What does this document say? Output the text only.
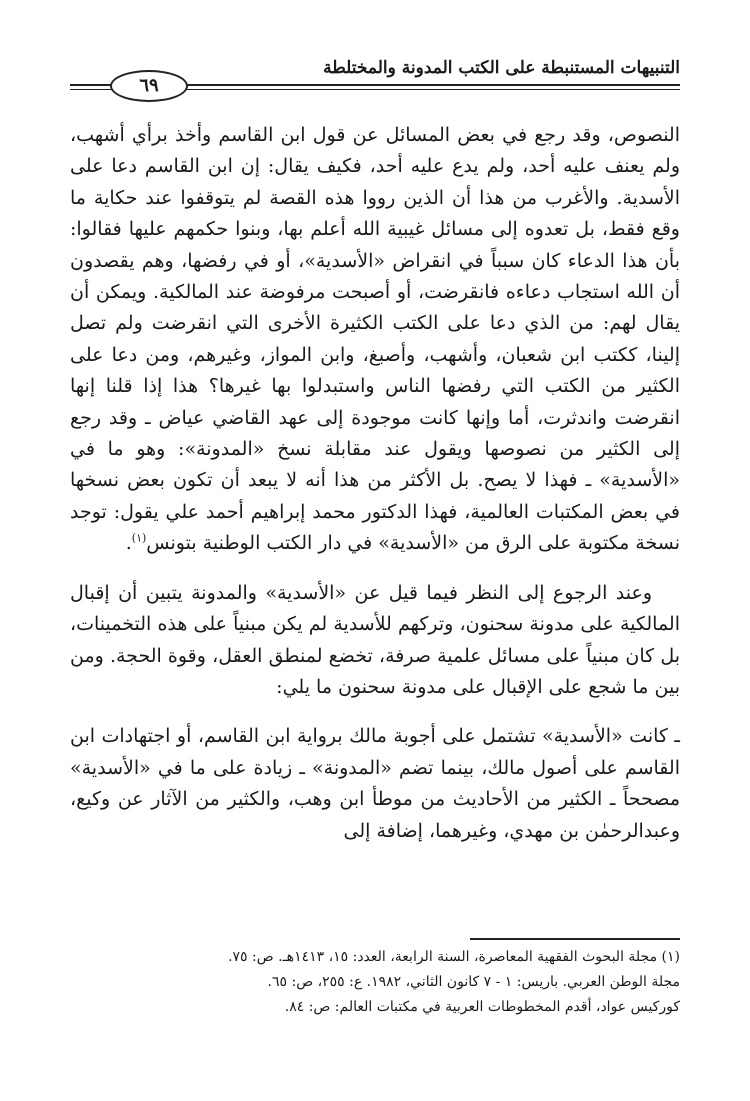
التنبيهات المستنبطة على الكتب المدونة والمختلطة
٦٩

النصوص، وقد رجع في بعض المسائل عن قول ابن القاسم وأخذ برأي أشهب، ولم يعنف عليه أحد، ولم يدع عليه أحد، فكيف يقال: إن ابن القاسم دعا على الأسدية. والأغرب من هذا أن الذين رووا هذه القصة لم يتوقفوا عند حكاية ما وقع فقط، بل تعدوه إلى مسائل غيبية الله أعلم بها، وبنوا حكمهم عليها فقالوا: بأن هذا الدعاء كان سبباً في انقراض «الأسدية»، أو في رفضها، وهم يقصدون أن الله استجاب دعاءه فانقرضت، أو أصبحت مرفوضة عند المالكية. ويمكن أن يقال لهم: من الذي دعا على الكتب الكثيرة الأخرى التي انقرضت ولم تصل إلينا، ككتب ابن شعبان، وأشهب، وأصبغ، وابن المواز، وغيرهم، ومن دعا على الكثير من الكتب التي رفضها الناس واستبدلوا بها غيرها؟ هذا إذا قلنا إنها انقرضت واندثرت، أما وإنها كانت موجودة إلى عهد القاضي عياض ـ وقد رجع إلى الكثير من نصوصها ويقول عند مقابلة نسخ «المدونة»: وهو ما في «الأسدية» ـ فهذا لا يصح. بل الأكثر من هذا أنه لا يبعد أن تكون بعض نسخها في بعض المكتبات العالمية، فهذا الدكتور محمد إبراهيم أحمد علي يقول: توجد نسخة مكتوبة على الرق من «الأسدية» في دار الكتب الوطنية بتونس$^{(١)}$.

وعند الرجوع إلى النظر فيما قيل عن «الأسدية» والمدونة يتبين أن إقبال المالكية على مدونة سحنون، وتركهم للأسدية لم يكن مبنياً على هذه التخمينات، بل كان مبنياً على مسائل علمية صرفة، تخضع لمنطق العقل، وقوة الحجة. ومن بين ما شجع على الإقبال على مدونة سحنون ما يلي:

ـ كانت «الأسدية» تشتمل على أجوبة مالك برواية ابن القاسم، أو اجتهادات ابن القاسم على أصول مالك، بينما تضم «المدونة» ـ زيادة على ما في «الأسدية» مصححاً ـ الكثير من الأحاديث من موطأ ابن وهب، والكثير من الآثار عن وكيع، وعبدالرحمٰن بن مهدي، وغيرهما، إضافة إلى

(١) مجلة البحوث الفقهية المعاصرة، السنة الرابعة، العدد: ١٥، ١٤١٣هـ. ص: ٧٥.

مجلة الوطن العربي. باريس: ١ - ٧ كانون الثاني، ١٩٨٢. ع: ٢٥٥، ص: ٦٥.

كوركيس عواد، أقدم المخطوطات العربية في مكتبات العالم: ص: ٨٤.
